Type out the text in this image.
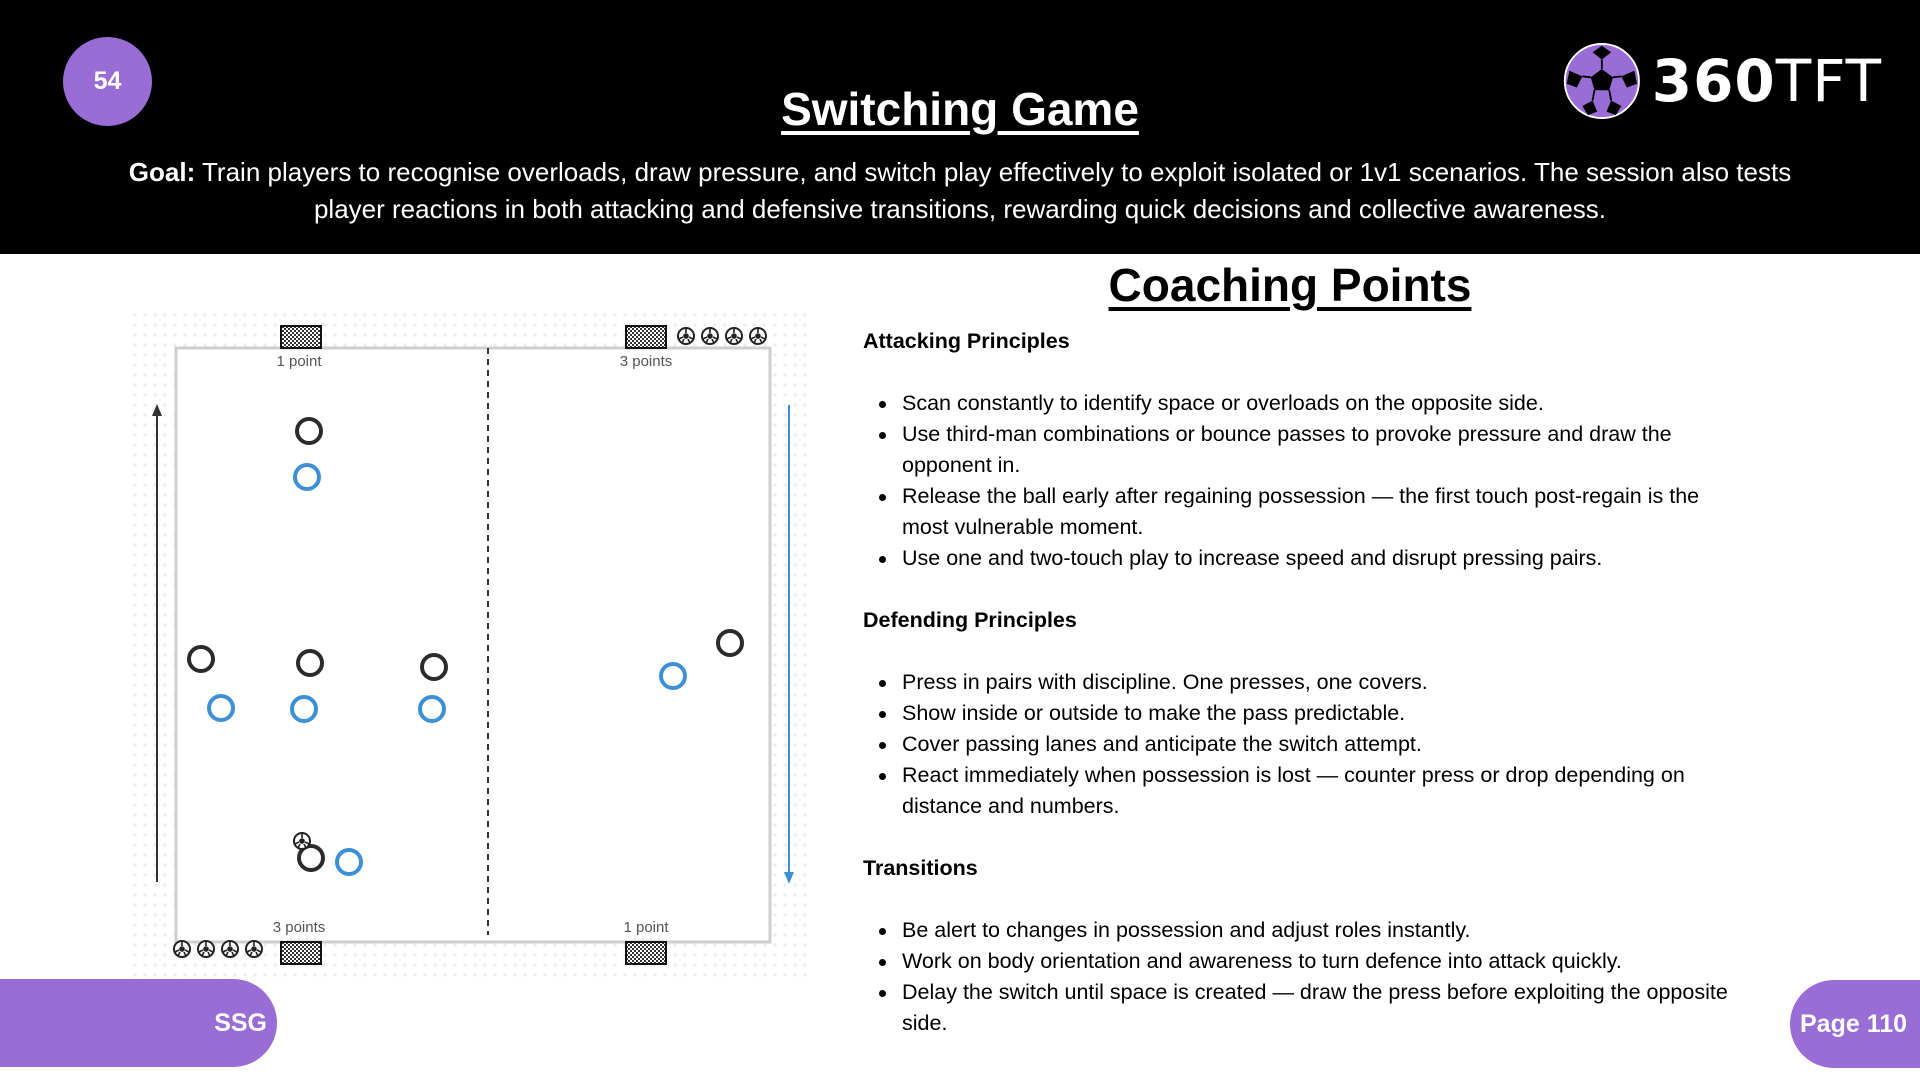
54
Switching Game
Goal: Train players to recognise overloads, draw pressure, and switch play effectively to exploit isolated or 1v1 scenarios. The session also tests player reactions in both attacking and defensive transitions, rewarding quick decisions and collective awareness.
360TFT
1 point	3 points
3 points	1 point
Coaching Points
Attacking Principles
Scan constantly to identify space or overloads on the opposite side.
Use third-man combinations or bounce passes to provoke pressure and draw the opponent in.
Release the ball early after regaining possession — the first touch post-regain is the most vulnerable moment.
Use one and two-touch play to increase speed and disrupt pressing pairs.
Defending Principles
Press in pairs with discipline. One presses, one covers.
Show inside or outside to make the pass predictable.
Cover passing lanes and anticipate the switch attempt.
React immediately when possession is lost — counter press or drop depending on distance and numbers.
Transitions
Be alert to changes in possession and adjust roles instantly.
Work on body orientation and awareness to turn defence into attack quickly.
Delay the switch until space is created — draw the press before exploiting the opposite side.
SSG	Page 110
